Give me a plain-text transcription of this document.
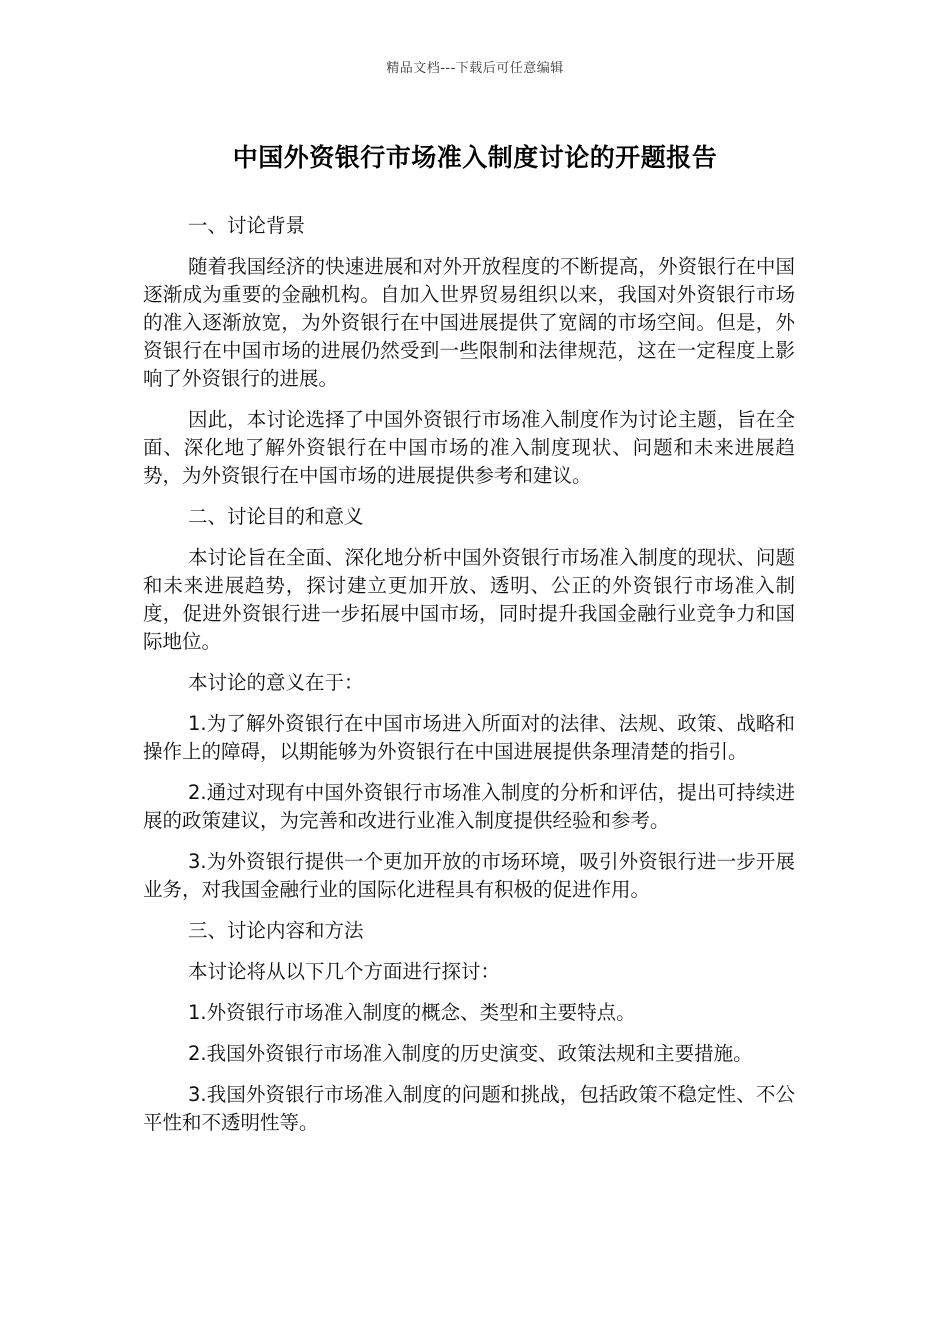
精品文档---下载后可任意编辑
中国外资银行市场准入制度讨论的开题报告

一、讨论背景

随着我国经济的快速进展和对外开放程度的不断提高，外资银行在中国逐渐成为重要的金融机构。自加入世界贸易组织以来，我国对外资银行市场的准入逐渐放宽，为外资银行在中国进展提供了宽阔的市场空间。但是，外资银行在中国市场的进展仍然受到一些限制和法律规范，这在一定程度上影响了外资银行的进展。

因此，本讨论选择了中国外资银行市场准入制度作为讨论主题，旨在全面、深化地了解外资银行在中国市场的准入制度现状、问题和未来进展趋势，为外资银行在中国市场的进展提供参考和建议。

二、讨论目的和意义

本讨论旨在全面、深化地分析中国外资银行市场准入制度的现状、问题和未来进展趋势，探讨建立更加开放、透明、公正的外资银行市场准入制度，促进外资银行进一步拓展中国市场，同时提升我国金融行业竞争力和国际地位。

本讨论的意义在于：

1.为了解外资银行在中国市场进入所面对的法律、法规、政策、战略和操作上的障碍，以期能够为外资银行在中国进展提供条理清楚的指引。

2.通过对现有中国外资银行市场准入制度的分析和评估，提出可持续进展的政策建议，为完善和改进行业准入制度提供经验和参考。

3.为外资银行提供一个更加开放的市场环境，吸引外资银行进一步开展业务，对我国金融行业的国际化进程具有积极的促进作用。

三、讨论内容和方法

本讨论将从以下几个方面进行探讨：

1.外资银行市场准入制度的概念、类型和主要特点。

2.我国外资银行市场准入制度的历史演变、政策法规和主要措施。

3.我国外资银行市场准入制度的问题和挑战，包括政策不稳定性、不公平性和不透明性等。
